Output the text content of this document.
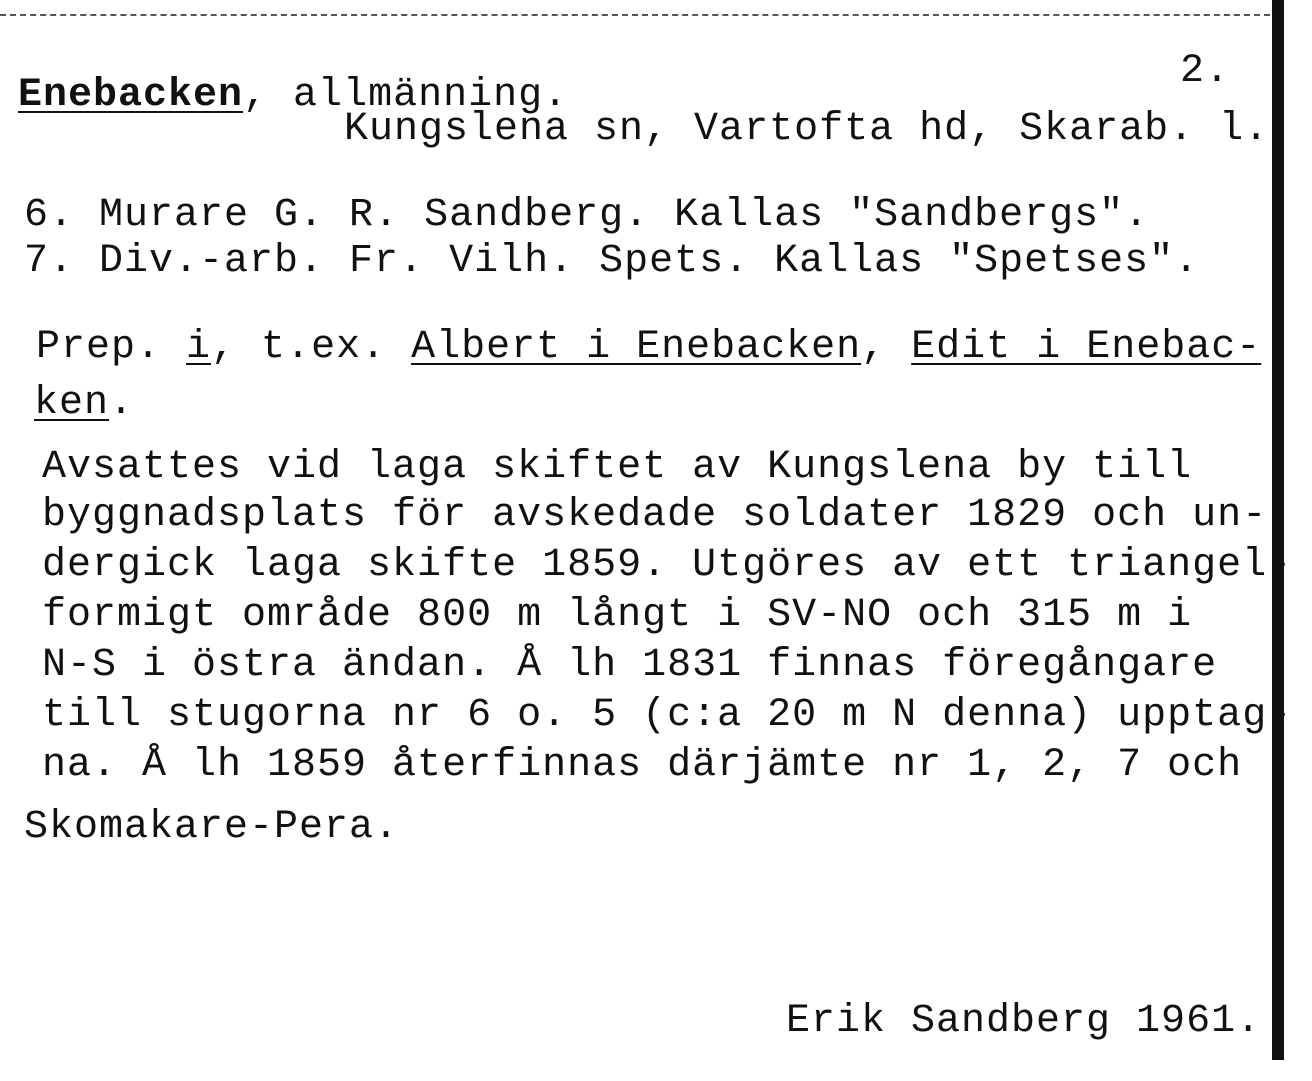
2.

Enebacken, allmänning.

Kungslena sn, Vartofta hd, Skarab. l.

6. Murare G. R. Sandberg. Kallas "Sandbergs".

7. Div.-arb. Fr. Vilh. Spets. Kallas "Spetses".

Prep. i, t.ex. Albert i Enebacken, Edit i Enebac-

ken.

Avsattes vid laga skiftet av Kungslena by till

byggnadsplats för avskedade soldater 1829 och un-

dergick laga skifte 1859. Utgöres av ett triangel-

formigt område 800 m långt i SV-NO och 315 m i

N-S i östra ändan. Å lh 1831 finnas föregångare

till stugorna nr 6 o. 5 (c:a 20 m N denna) upptag-

na. Å lh 1859 återfinnas därjämte nr 1, 2, 7 och

Skomakare-Pera.

Erik Sandberg 1961.
